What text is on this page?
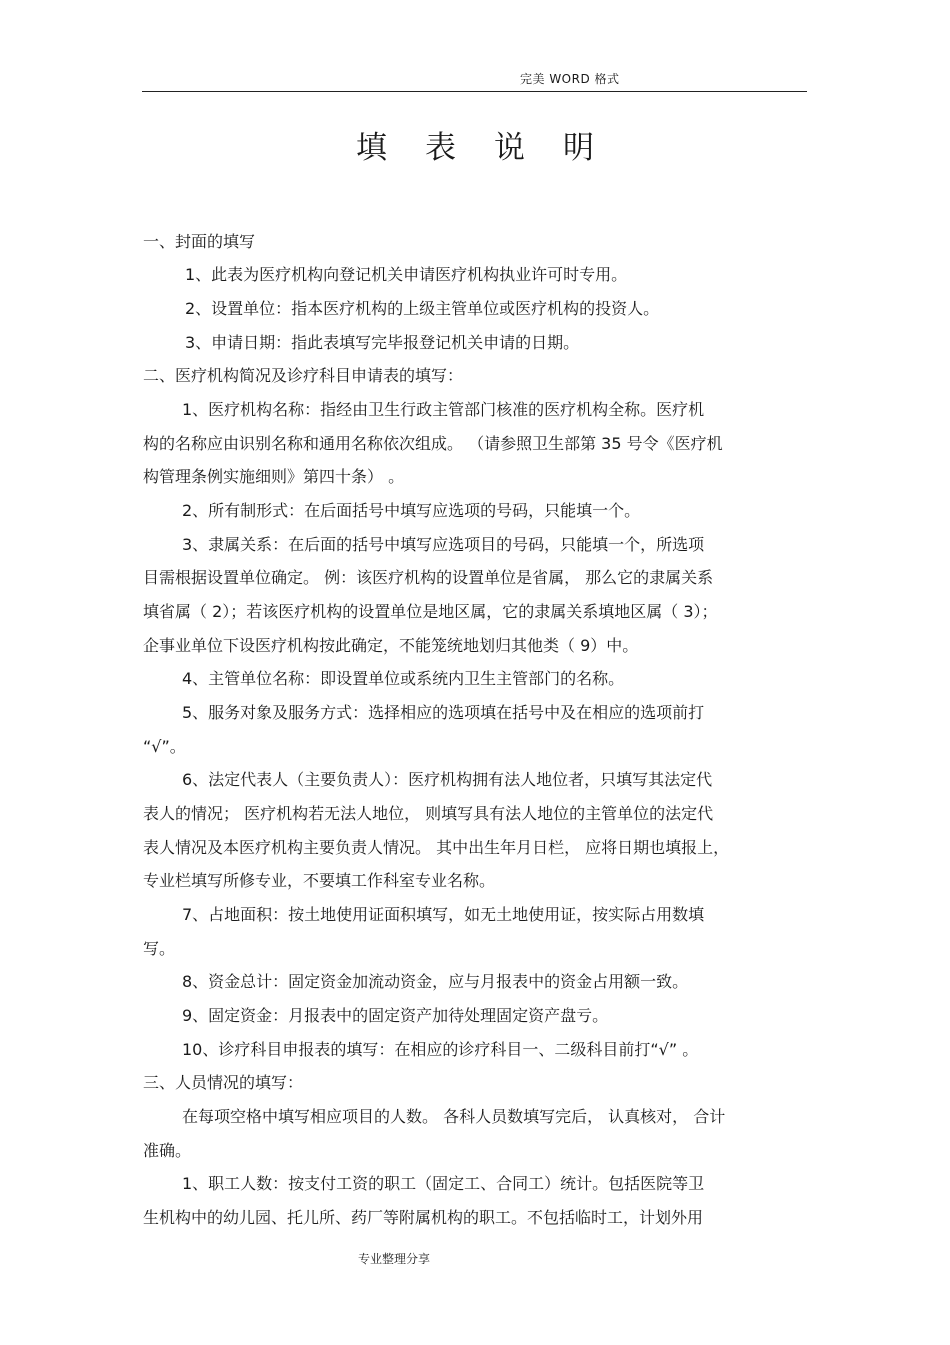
完美 WORD 格式
填表说明
一、封面的填写
1、此表为医疗机构向登记机关申请医疗机构执业许可时专用。
2、设置单位：指本医疗机构的上级主管单位或医疗机构的投资人。
3、申请日期：指此表填写完毕报登记机关申请的日期。
二、医疗机构简况及诊疗科目申请表的填写：
1、医疗机构名称：指经由卫生行政主管部门核准的医疗机构全称。医疗机
构的名称应由识别名称和通用名称依次组成。 （请参照卫生部第 35 号令《医疗机
构管理条例实施细则》第四十条） 。
2、所有制形式：在后面括号中填写应选项的号码，只能填一个。
3、隶属关系：在后面的括号中填写应选项目的号码，只能填一个，所选项
目需根据设置单位确定。 例：该医疗机构的设置单位是省属， 那么它的隶属关系
填省属（ 2）；若该医疗机构的设置单位是地区属，它的隶属关系填地区属（ 3）；
企事业单位下设医疗机构按此确定，不能笼统地划归其他类（ 9）中。
4、主管单位名称：即设置单位或系统内卫生主管部门的名称。
5、服务对象及服务方式：选择相应的选项填在括号中及在相应的选项前打
“√”。
6、法定代表人（主要负责人）：医疗机构拥有法人地位者，只填写其法定代
表人的情况； 医疗机构若无法人地位， 则填写具有法人地位的主管单位的法定代
表人情况及本医疗机构主要负责人情况。 其中出生年月日栏， 应将日期也填报上，
专业栏填写所修专业，不要填工作科室专业名称。
7、占地面积：按土地使用证面积填写，如无土地使用证，按实际占用数填
写。
8、资金总计：固定资金加流动资金，应与月报表中的资金占用额一致。
9、固定资金：月报表中的固定资产加待处理固定资产盘亏。
10、诊疗科目申报表的填写：在相应的诊疗科目一、二级科目前打“√” 。
三、人员情况的填写：
在每项空格中填写相应项目的人数。 各科人员数填写完后， 认真核对， 合计
准确。
1、职工人数：按支付工资的职工（固定工、合同工）统计。包括医院等卫
生机构中的幼儿园、托儿所、药厂等附属机构的职工。不包括临时工，计划外用
专业整理分享
